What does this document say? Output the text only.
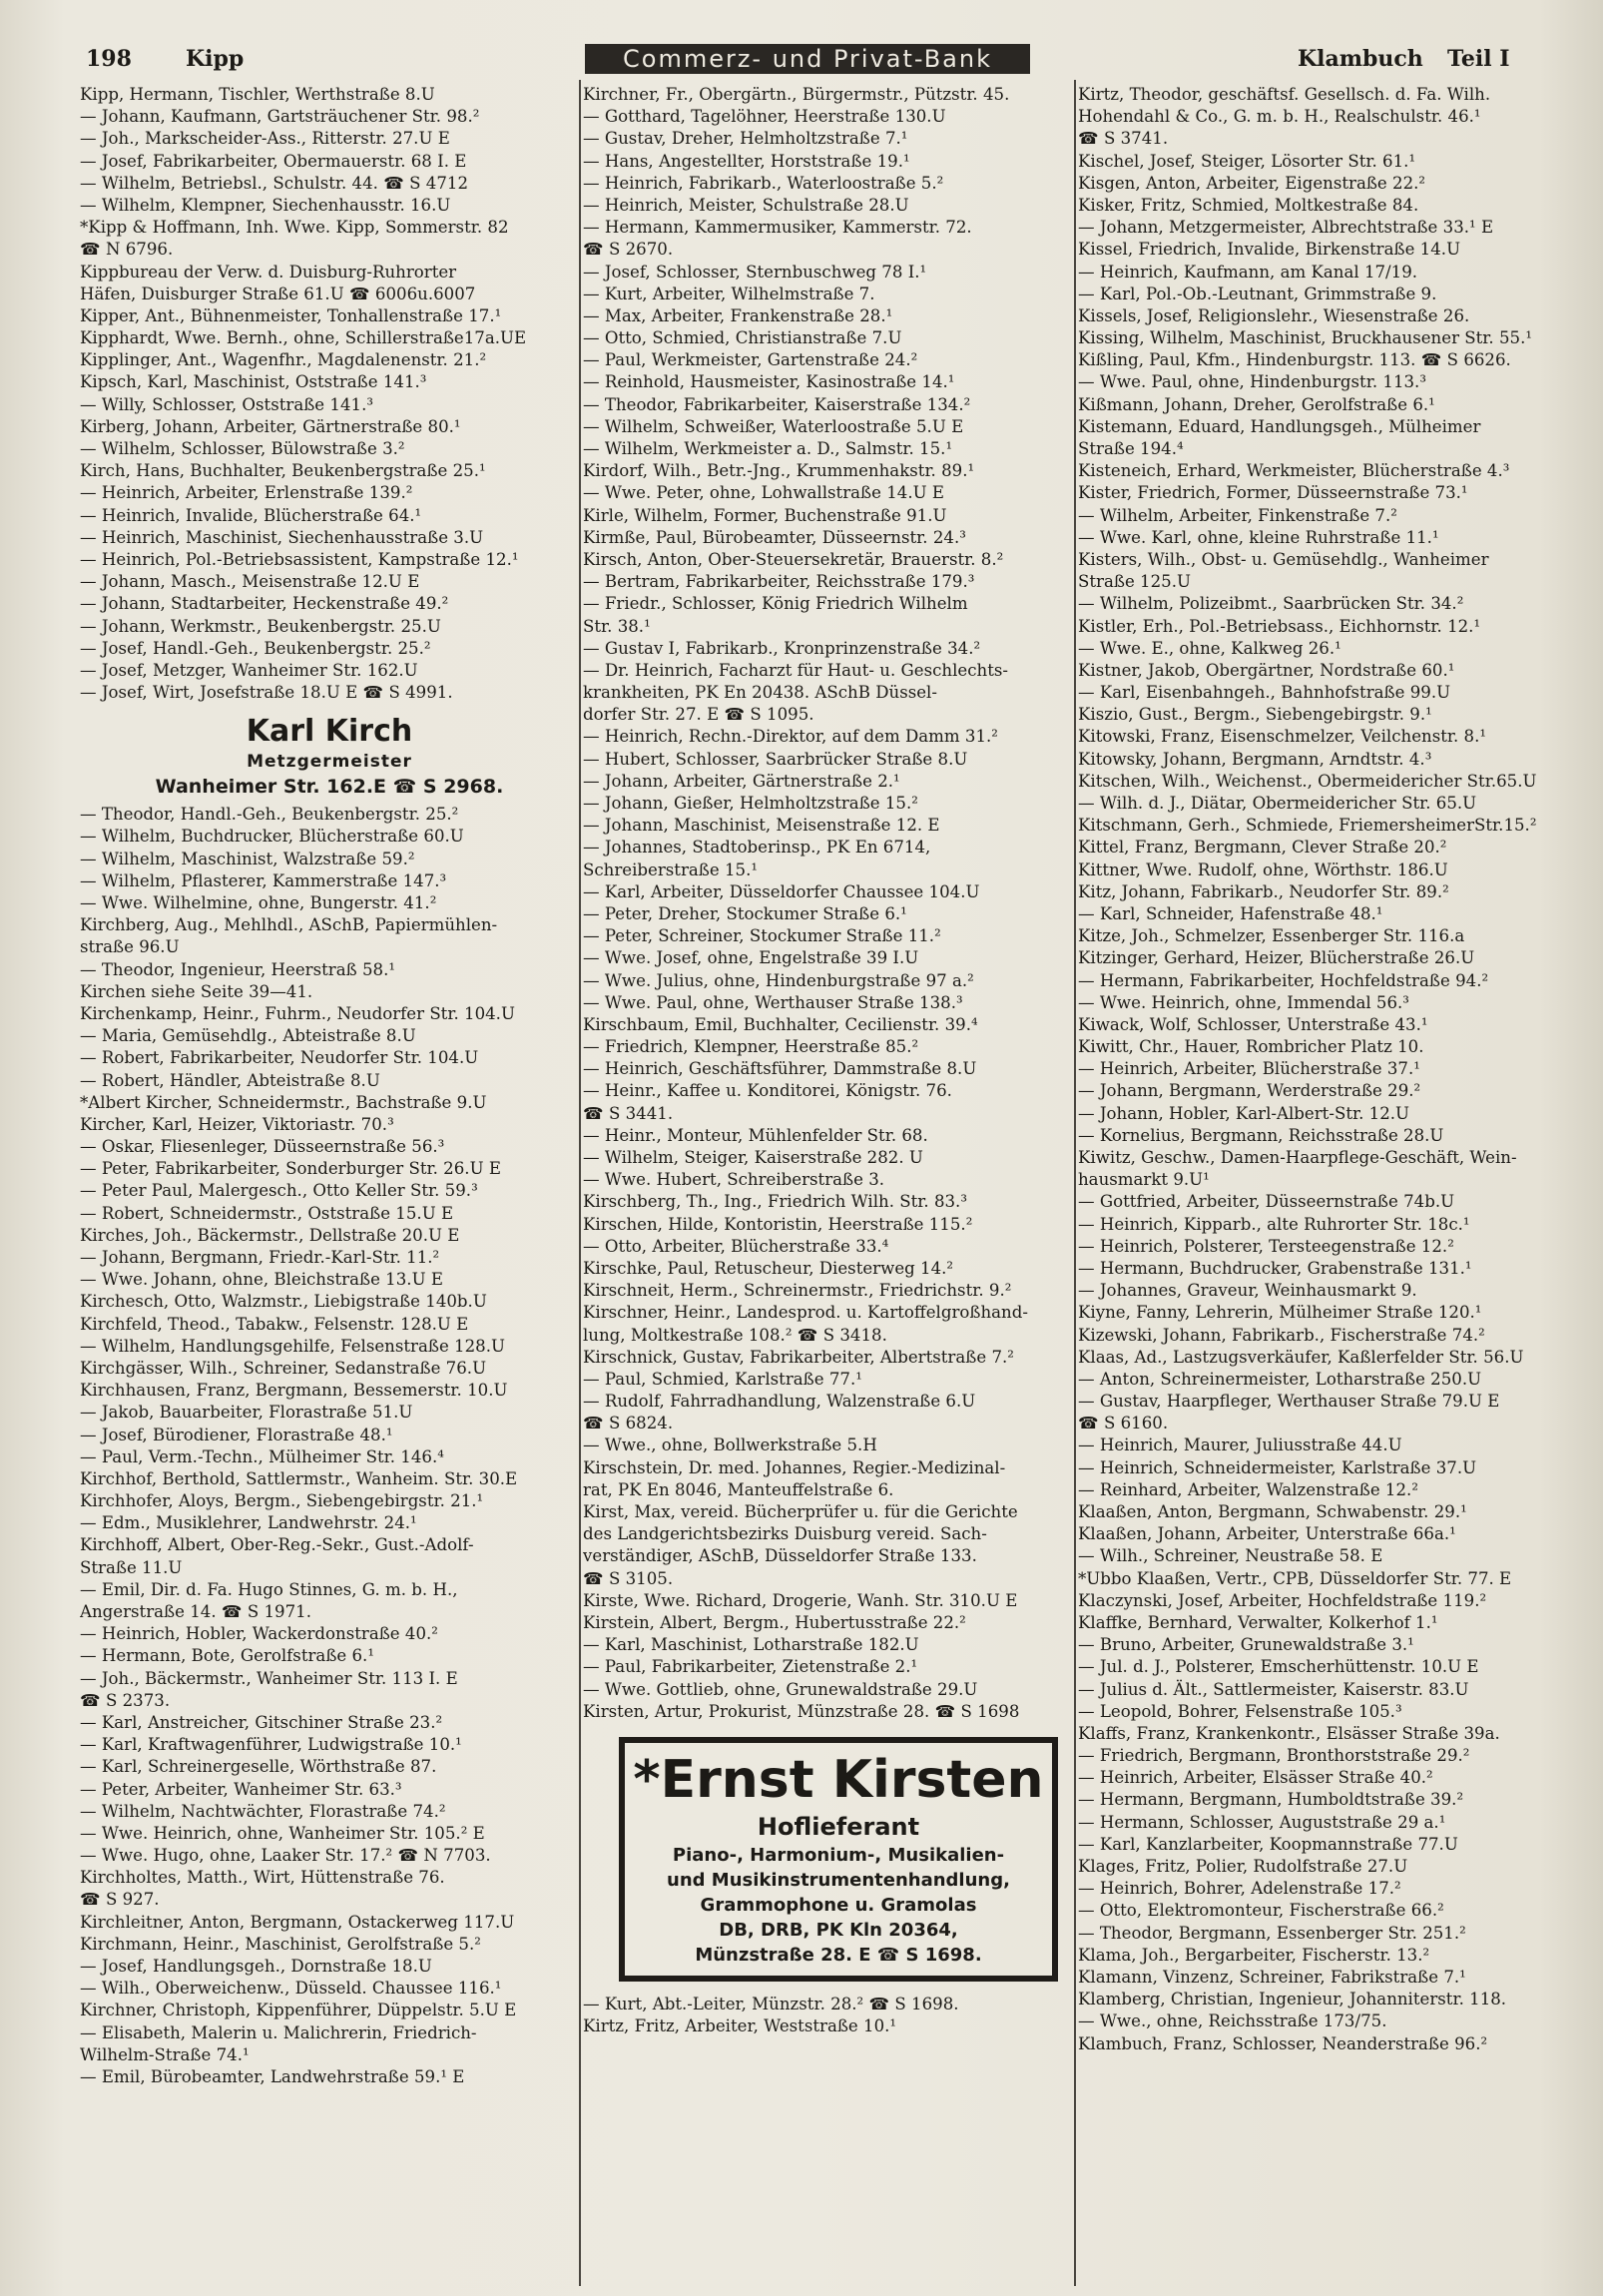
198 Kipp	Commerz- und Privat-Bank	Klambuch Teil I
Kipp, Hermann, Tischler, Werthstraße 8.U
— Johann, Kaufmann, Gartsträuchener Str. 98.²
— Joh., Markscheider-Ass., Ritterstr. 27.U E
— Josef, Fabrikarbeiter, Obermauerstr. 68 I. E
— Wilhelm, Betriebsl., Schulstr. 44. ☎ S 4712
— Wilhelm, Klempner, Siechenhausstr. 16.U
*Kipp & Hoffmann, Inh. Wwe. Kipp, Sommerstr. 82
☎ N 6796.
Kippbureau der Verw. d. Duisburg-Ruhrorter
Häfen, Duisburger Straße 61.U ☎ 6006u.6007
Kipper, Ant., Bühnenmeister, Tonhallenstraße 17.¹
Kipphardt, Wwe. Bernh., ohne, Schillerstraße17a.UE
Kipplinger, Ant., Wagenfhr., Magdalenenstr. 21.²
Kipsch, Karl, Maschinist, Oststraße 141.³
— Willy, Schlosser, Oststraße 141.³
Kirberg, Johann, Arbeiter, Gärtnerstraße 80.¹
— Wilhelm, Schlosser, Bülowstraße 3.²
Kirch, Hans, Buchhalter, Beukenbergstraße 25.¹
— Heinrich, Arbeiter, Erlenstraße 139.²
— Heinrich, Invalide, Blücherstraße 64.¹
— Heinrich, Maschinist, Siechenhausstraße 3.U
— Heinrich, Pol.-Betriebsassistent, Kampstraße 12.¹
— Johann, Masch., Meisenstraße 12.U E
— Johann, Stadtarbeiter, Heckenstraße 49.²
— Johann, Werkmstr., Beukenbergstr. 25.U
— Josef, Handl.-Geh., Beukenbergstr. 25.²
— Josef, Metzger, Wanheimer Str. 162.U
— Josef, Wirt, Josefstraße 18.U E ☎ S 4991.
Karl Kirch
Metzgermeister
Wanheimer Str. 162.E ☎ S 2968.
— Theodor, Handl.-Geh., Beukenbergstr. 25.²
— Wilhelm, Buchdrucker, Blücherstraße 60.U
— Wilhelm, Maschinist, Walzstraße 59.²
— Wilhelm, Pflasterer, Kammerstraße 147.³
— Wwe. Wilhelmine, ohne, Bungerstr. 41.²
Kirchberg, Aug., Mehlhdl., ASchB, Papiermühlen-
straße 96.U
— Theodor, Ingenieur, Heerstraß 58.¹
Kirchen siehe Seite 39—41.
Kirchenkamp, Heinr., Fuhrm., Neudorfer Str. 104.U
— Maria, Gemüsehdlg., Abteistraße 8.U
— Robert, Fabrikarbeiter, Neudorfer Str. 104.U
— Robert, Händler, Abteistraße 8.U
*Albert Kircher, Schneidermstr., Bachstraße 9.U
Kircher, Karl, Heizer, Viktoriastr. 70.³
— Oskar, Fliesenleger, Düsseernstraße 56.³
— Peter, Fabrikarbeiter, Sonderburger Str. 26.U E
— Peter Paul, Malergesch., Otto Keller Str. 59.³
— Robert, Schneidermstr., Oststraße 15.U E
Kirches, Joh., Bäckermstr., Dellstraße 20.U E
— Johann, Bergmann, Friedr.-Karl-Str. 11.²
— Wwe. Johann, ohne, Bleichstraße 13.U E
Kirchesch, Otto, Walzmstr., Liebigstraße 140b.U
Kirchfeld, Theod., Tabakw., Felsenstr. 128.U E
— Wilhelm, Handlungsgehilfe, Felsenstraße 128.U
Kirchgässer, Wilh., Schreiner, Sedanstraße 76.U
Kirchhausen, Franz, Bergmann, Bessemerstr. 10.U
— Jakob, Bauarbeiter, Florastraße 51.U
— Josef, Bürodiener, Florastraße 48.¹
— Paul, Verm.-Techn., Mülheimer Str. 146.⁴
Kirchhof, Berthold, Sattlermstr., Wanheim. Str. 30.E
Kirchhofer, Aloys, Bergm., Siebengebirgstr. 21.¹
— Edm., Musiklehrer, Landwehrstr. 24.¹
Kirchhoff, Albert, Ober-Reg.-Sekr., Gust.-Adolf-
Straße 11.U
— Emil, Dir. d. Fa. Hugo Stinnes, G. m. b. H.,
Angerstraße 14. ☎ S 1971.
— Heinrich, Hobler, Wackerdonstraße 40.²
— Hermann, Bote, Gerolfstraße 6.¹
— Joh., Bäckermstr., Wanheimer Str. 113 I. E
☎ S 2373.
— Karl, Anstreicher, Gitschiner Straße 23.²
— Karl, Kraftwagenführer, Ludwigstraße 10.¹
— Karl, Schreinergeselle, Wörthstraße 87.
— Peter, Arbeiter, Wanheimer Str. 63.³
— Wilhelm, Nachtwächter, Florastraße 74.²
— Wwe. Heinrich, ohne, Wanheimer Str. 105.² E
— Wwe. Hugo, ohne, Laaker Str. 17.² ☎ N 7703.
Kirchholtes, Matth., Wirt, Hüttenstraße 76.
☎ S 927.
Kirchleitner, Anton, Bergmann, Ostackerweg 117.U
Kirchmann, Heinr., Maschinist, Gerolfstraße 5.²
— Josef, Handlungsgeh., Dornstraße 18.U
— Wilh., Oberweichenw., Düsseld. Chaussee 116.¹
Kirchner, Christoph, Kippenführer, Düppelstr. 5.U E
— Elisabeth, Malerin u. Malichrerin, Friedrich-
Wilhelm-Straße 74.¹
— Emil, Bürobeamter, Landwehrstraße 59.¹ E
Kirchner, Fr., Obergärtn., Bürgermstr., Pützstr. 45.
— Gotthard, Tagelöhner, Heerstraße 130.U
— Gustav, Dreher, Helmholtzstraße 7.¹
— Hans, Angestellter, Horststraße 19.¹
— Heinrich, Fabrikarb., Waterloostraße 5.²
— Heinrich, Meister, Schulstraße 28.U
— Hermann, Kammermusiker, Kammerstr. 72.
☎ S 2670.
— Josef, Schlosser, Sternbuschweg 78 I.¹
— Kurt, Arbeiter, Wilhelmstraße 7.
— Max, Arbeiter, Frankenstraße 28.¹
— Otto, Schmied, Christianstraße 7.U
— Paul, Werkmeister, Gartenstraße 24.²
— Reinhold, Hausmeister, Kasinostraße 14.¹
— Theodor, Fabrikarbeiter, Kaiserstraße 134.²
— Wilhelm, Schweißer, Waterloostraße 5.U E
— Wilhelm, Werkmeister a. D., Salmstr. 15.¹
Kirdorf, Wilh., Betr.-Jng., Krummenhakstr. 89.¹
— Wwe. Peter, ohne, Lohwallstraße 14.U E
Kirle, Wilhelm, Former, Buchenstraße 91.U
Kirmße, Paul, Bürobeamter, Düsseernstr. 24.³
Kirsch, Anton, Ober-Steuersekretär, Brauerstr. 8.²
— Bertram, Fabrikarbeiter, Reichsstraße 179.³
— Friedr., Schlosser, König Friedrich Wilhelm
Str. 38.¹
— Gustav I, Fabrikarb., Kronprinzenstraße 34.²
— Dr. Heinrich, Facharzt für Haut- u. Geschlechts-
krankheiten, PK En 20438. ASchB Düssel-
dorfer Str. 27. E ☎ S 1095.
— Heinrich, Rechn.-Direktor, auf dem Damm 31.²
— Hubert, Schlosser, Saarbrücker Straße 8.U
— Johann, Arbeiter, Gärtnerstraße 2.¹
— Johann, Gießer, Helmholtzstraße 15.²
— Johann, Maschinist, Meisenstraße 12. E
— Johannes, Stadtoberinsp., PK En 6714,
Schreiberstraße 15.¹
— Karl, Arbeiter, Düsseldorfer Chaussee 104.U
— Peter, Dreher, Stockumer Straße 6.¹
— Peter, Schreiner, Stockumer Straße 11.²
— Wwe. Josef, ohne, Engelstraße 39 I.U
— Wwe. Julius, ohne, Hindenburgstraße 97 a.²
— Wwe. Paul, ohne, Werthauser Straße 138.³
Kirschbaum, Emil, Buchhalter, Cecilienstr. 39.⁴
— Friedrich, Klempner, Heerstraße 85.²
— Heinrich, Geschäftsführer, Dammstraße 8.U
— Heinr., Kaffee u. Konditorei, Königstr. 76.
☎ S 3441.
— Heinr., Monteur, Mühlenfelder Str. 68.
— Wilhelm, Steiger, Kaiserstraße 282. U
— Wwe. Hubert, Schreiberstraße 3.
Kirschberg, Th., Ing., Friedrich Wilh. Str. 83.³
Kirschen, Hilde, Kontoristin, Heerstraße 115.²
— Otto, Arbeiter, Blücherstraße 33.⁴
Kirschke, Paul, Retuscheur, Diesterweg 14.²
Kirschneit, Herm., Schreinermstr., Friedrichstr. 9.²
Kirschner, Heinr., Landesprod. u. Kartoffelgroßhand-
lung, Moltkestraße 108.² ☎ S 3418.
Kirschnick, Gustav, Fabrikarbeiter, Albertstraße 7.²
— Paul, Schmied, Karlstraße 77.¹
— Rudolf, Fahrradhandlung, Walzenstraße 6.U
☎ S 6824.
— Wwe., ohne, Bollwerkstraße 5.H
Kirschstein, Dr. med. Johannes, Regier.-Medizinal-
rat, PK En 8046, Manteuffelstraße 6.
Kirst, Max, vereid. Bücherprüfer u. für die Gerichte
des Landgerichtsbezirks Duisburg vereid. Sach-
verständiger, ASchB, Düsseldorfer Straße 133.
☎ S 3105.
Kirste, Wwe. Richard, Drogerie, Wanh. Str. 310.U E
Kirstein, Albert, Bergm., Hubertusstraße 22.²
— Karl, Maschinist, Lotharstraße 182.U
— Paul, Fabrikarbeiter, Zietenstraße 2.¹
— Wwe. Gottlieb, ohne, Grunewaldstraße 29.U
Kirsten, Artur, Prokurist, Münzstraße 28. ☎ S 1698
*Ernst Kirsten
Hoflieferant
Piano-, Harmonium-, Musikalien-
und Musikinstrumentenhandlung,
Grammophone u. Gramolas
DB, DRB, PK Kln 20364,
Münzstraße 28. E ☎ S 1698.
— Kurt, Abt.-Leiter, Münzstr. 28.² ☎ S 1698.
Kirtz, Fritz, Arbeiter, Weststraße 10.¹
Kirtz, Theodor, geschäftsf. Gesellsch. d. Fa. Wilh.
Hohendahl & Co., G. m. b. H., Realschulstr. 46.¹
☎ S 3741.
Kischel, Josef, Steiger, Lösorter Str. 61.¹
Kisgen, Anton, Arbeiter, Eigenstraße 22.²
Kisker, Fritz, Schmied, Moltkestraße 84.
— Johann, Metzgermeister, Albrechtstraße 33.¹ E
Kissel, Friedrich, Invalide, Birkenstraße 14.U
— Heinrich, Kaufmann, am Kanal 17/19.
— Karl, Pol.-Ob.-Leutnant, Grimmstraße 9.
Kissels, Josef, Religionslehr., Wiesenstraße 26.
Kissing, Wilhelm, Maschinist, Bruckhausener Str. 55.¹
Kißling, Paul, Kfm., Hindenburgstr. 113. ☎ S 6626.
— Wwe. Paul, ohne, Hindenburgstr. 113.³
Kißmann, Johann, Dreher, Gerolfstraße 6.¹
Kistemann, Eduard, Handlungsgeh., Mülheimer
Straße 194.⁴
Kisteneich, Erhard, Werkmeister, Blücherstraße 4.³
Kister, Friedrich, Former, Düsseernstraße 73.¹
— Wilhelm, Arbeiter, Finkenstraße 7.²
— Wwe. Karl, ohne, kleine Ruhrstraße 11.¹
Kisters, Wilh., Obst- u. Gemüsehdlg., Wanheimer
Straße 125.U
— Wilhelm, Polizeibmt., Saarbrücken Str. 34.²
Kistler, Erh., Pol.-Betriebsass., Eichhornstr. 12.¹
— Wwe. E., ohne, Kalkweg 26.¹
Kistner, Jakob, Obergärtner, Nordstraße 60.¹
— Karl, Eisenbahngeh., Bahnhofstraße 99.U
Kiszio, Gust., Bergm., Siebengebirgstr. 9.¹
Kitowski, Franz, Eisenschmelzer, Veilchenstr. 8.¹
Kitowsky, Johann, Bergmann, Arndtstr. 4.³
Kitschen, Wilh., Weichenst., Obermeidericher Str.65.U
— Wilh. d. J., Diätar, Obermeidericher Str. 65.U
Kitschmann, Gerh., Schmiede, FriemersheimerStr.15.²
Kittel, Franz, Bergmann, Clever Straße 20.²
Kittner, Wwe. Rudolf, ohne, Wörthstr. 186.U
Kitz, Johann, Fabrikarb., Neudorfer Str. 89.²
— Karl, Schneider, Hafenstraße 48.¹
Kitze, Joh., Schmelzer, Essenberger Str. 116.a
Kitzinger, Gerhard, Heizer, Blücherstraße 26.U
— Hermann, Fabrikarbeiter, Hochfeldstraße 94.²
— Wwe. Heinrich, ohne, Immendal 56.³
Kiwack, Wolf, Schlosser, Unterstraße 43.¹
Kiwitt, Chr., Hauer, Rombricher Platz 10.
— Heinrich, Arbeiter, Blücherstraße 37.¹
— Johann, Bergmann, Werderstraße 29.²
— Johann, Hobler, Karl-Albert-Str. 12.U
— Kornelius, Bergmann, Reichsstraße 28.U
Kiwitz, Geschw., Damen-Haarpflege-Geschäft, Wein-
hausmarkt 9.U¹
— Gottfried, Arbeiter, Düsseernstraße 74b.U
— Heinrich, Kipparb., alte Ruhrorter Str. 18c.¹
— Heinrich, Polsterer, Tersteegenstraße 12.²
— Hermann, Buchdrucker, Grabenstraße 131.¹
— Johannes, Graveur, Weinhausmarkt 9.
Kiyne, Fanny, Lehrerin, Mülheimer Straße 120.¹
Kizewski, Johann, Fabrikarb., Fischerstraße 74.²
Klaas, Ad., Lastzugsverkäufer, Kaßlerfelder Str. 56.U
— Anton, Schreinermeister, Lotharstraße 250.U
— Gustav, Haarpfleger, Werthauser Straße 79.U E
☎ S 6160.
— Heinrich, Maurer, Juliusstraße 44.U
— Heinrich, Schneidermeister, Karlstraße 37.U
— Reinhard, Arbeiter, Walzenstraße 12.²
Klaaßen, Anton, Bergmann, Schwabenstr. 29.¹
Klaaßen, Johann, Arbeiter, Unterstraße 66a.¹
— Wilh., Schreiner, Neustraße 58. E
*Ubbo Klaaßen, Vertr., CPB, Düsseldorfer Str. 77. E
Klaczynski, Josef, Arbeiter, Hochfeldstraße 119.²
Klaffke, Bernhard, Verwalter, Kolkerhof 1.¹
— Bruno, Arbeiter, Grunewaldstraße 3.¹
— Jul. d. J., Polsterer, Emscherhüttenstr. 10.U E
— Julius d. Ält., Sattlermeister, Kaiserstr. 83.U
— Leopold, Bohrer, Felsenstraße 105.³
Klaffs, Franz, Krankenkontr., Elsässer Straße 39a.
— Friedrich, Bergmann, Bronthorststraße 29.²
— Heinrich, Arbeiter, Elsässer Straße 40.²
— Hermann, Bergmann, Humboldtstraße 39.²
— Hermann, Schlosser, Auguststraße 29 a.¹
— Karl, Kanzlarbeiter, Koopmannstraße 77.U
Klages, Fritz, Polier, Rudolfstraße 27.U
— Heinrich, Bohrer, Adelenstraße 17.²
— Otto, Elektromonteur, Fischerstraße 66.²
— Theodor, Bergmann, Essenberger Str. 251.²
Klama, Joh., Bergarbeiter, Fischerstr. 13.²
Klamann, Vinzenz, Schreiner, Fabrikstraße 7.¹
Klamberg, Christian, Ingenieur, Johanniterstr. 118.
— Wwe., ohne, Reichsstraße 173/75.
Klambuch, Franz, Schlosser, Neanderstraße 96.²
